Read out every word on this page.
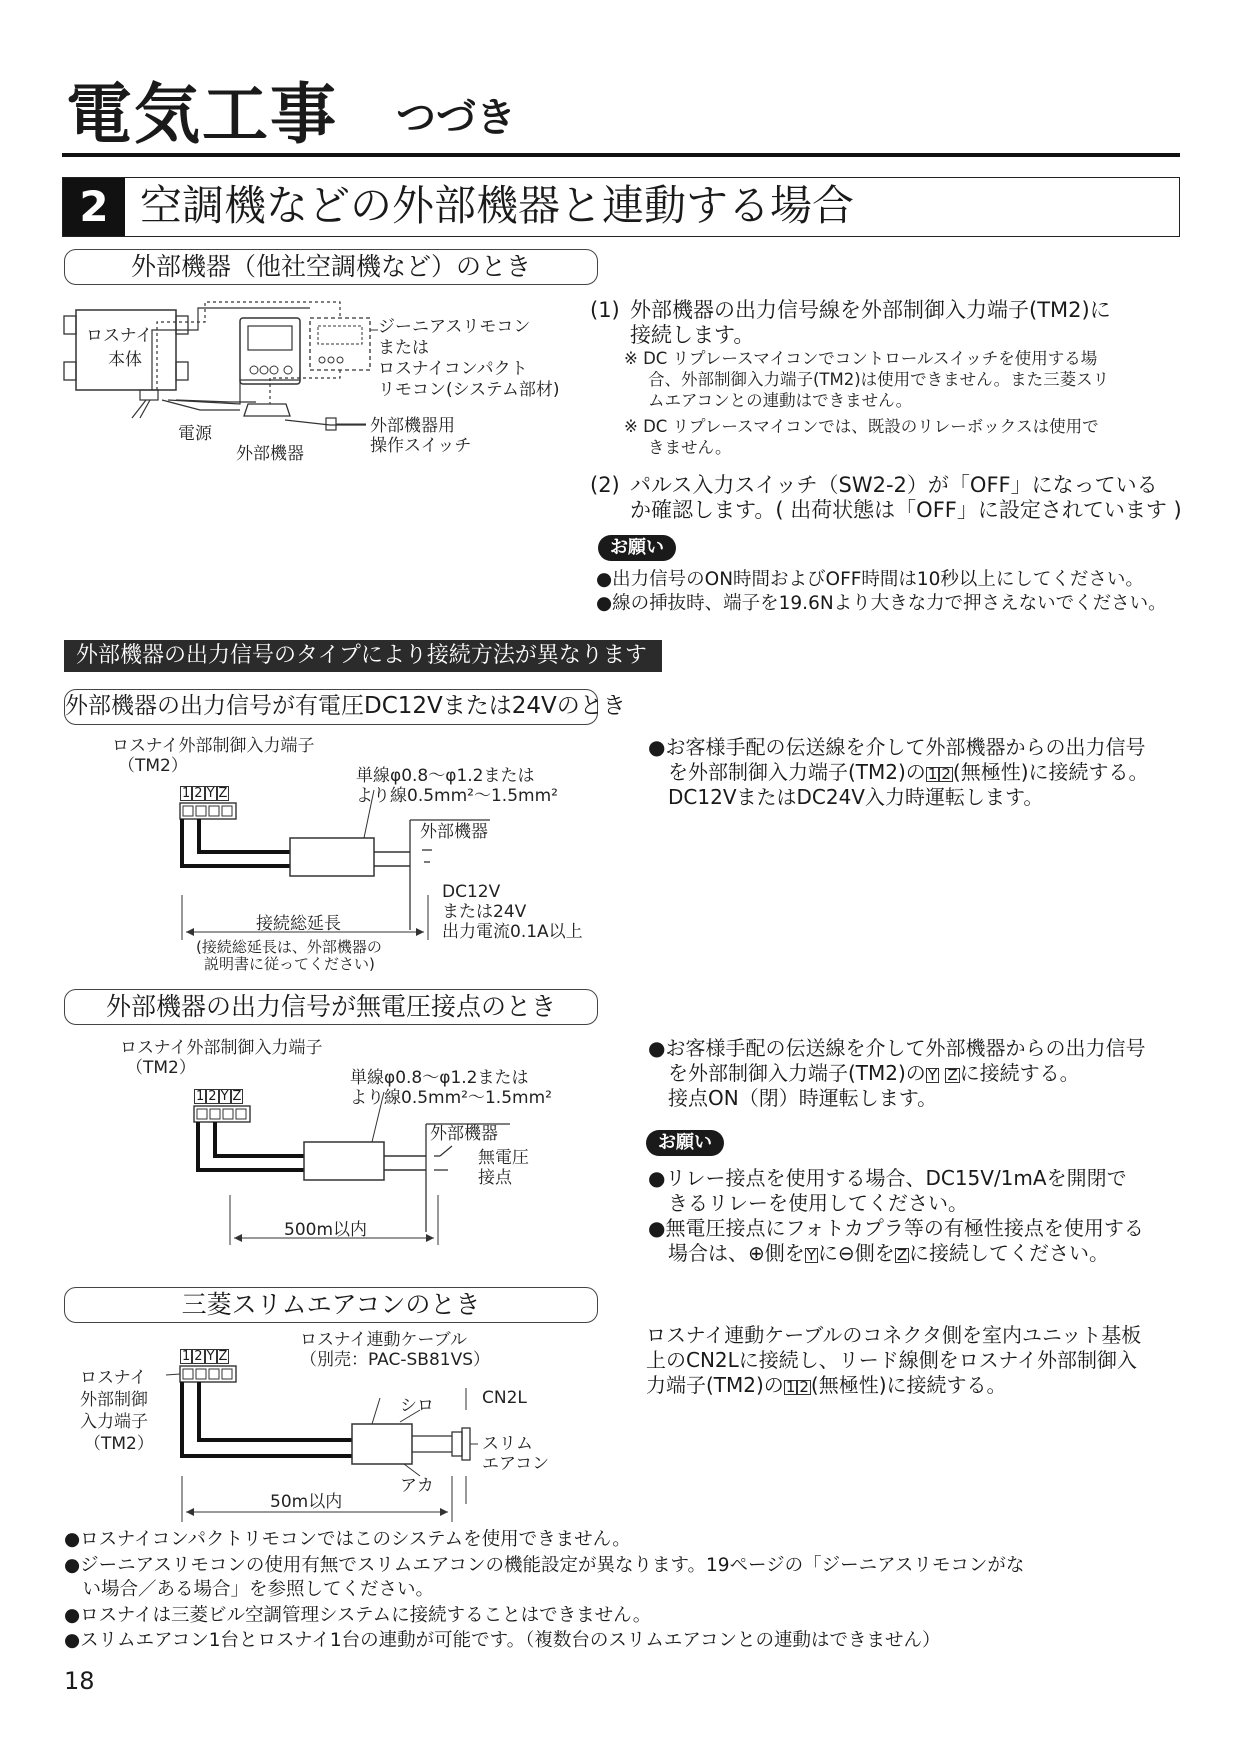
電気工事 つづき
2 空調機などの外部機器と連動する場合
外部機器（他社空調機など）のとき
ロスナイ
本体
ジーニアスリモコン
または
ロスナイコンパクト
リモコン(システム部材)
電源
外部機器
外部機器用
操作スイッチ
(1) 外部機器の出力信号線を外部制御入力端子(TM2)に
接続します。
※ DC リプレースマイコンでコントロールスイッチを使用する場
合、外部制御入力端子(TM2)は使用できません。また三菱スリ
ムエアコンとの連動はできません。
※ DC リプレースマイコンでは、既設のリレーボックスは使用で
きません。
(2) パルス入力スイッチ（SW2-2）が「OFF」になっている
か確認します。( 出荷状態は「OFF」に設定されています )
お願い
●出力信号のON時間およびOFF時間は10秒以上にしてください。
●線の挿抜時、端子を19.6Nより大きな力で押さえないでください。
外部機器の出力信号のタイプにより接続方法が異なります
外部機器の出力信号が有電圧DC12Vまたは24Vのとき
ロスナイ外部制御入力端子
（TM2）
1 2 Y Z
単線φ0.8〜φ1.2または
より線0.5mm²〜1.5mm²
外部機器
DC12V
または24V
出力電流0.1A以上
接続総延長
(接続総延長は、外部機器の
説明書に従ってください)
●お客様手配の伝送線を介して外部機器からの出力信号
を外部制御入力端子(TM2)の 1 2 (無極性)に接続する。
DC12VまたはDC24V入力時運転します。
外部機器の出力信号が無電圧接点のとき
ロスナイ外部制御入力端子
（TM2）
1 2 Y Z
単線φ0.8〜φ1.2または
より線0.5mm²〜1.5mm²
外部機器
無電圧
接点
500m以内
●お客様手配の伝送線を介して外部機器からの出力信号
を外部制御入力端子(TM2)の Y Z に接続する。
接点ON（閉）時運転します。
お願い
●リレー接点を使用する場合、DC15V/1mAを開閉で
きるリレーを使用してください。
●無電圧接点にフォトカプラ等の有極性接点を使用する
場合は、⊕側を Y に⊖側を Z に接続してください。
三菱スリムエアコンのとき
1 2 Y Z
ロスナイ
外部制御
入力端子
（TM2）
ロスナイ連動ケーブル
（別売：PAC-SB81VS）
シロ
アカ
CN2L
スリム
エアコン
50m以内
ロスナイ連動ケーブルのコネクタ側を室内ユニット基板
上のCN2Lに接続し、リード線側をロスナイ外部制御入
力端子(TM2)の 1 2 (無極性)に接続する。
●ロスナイコンパクトリモコンではこのシステムを使用できません。
●ジーニアスリモコンの使用有無でスリムエアコンの機能設定が異なります。19ページの「ジーニアスリモコンがな
　い場合／ある場合」を参照してください。
●ロスナイは三菱ビル空調管理システムに接続することはできません。
●スリムエアコン1台とロスナイ1台の連動が可能です。（複数台のスリムエアコンとの連動はできません）
18
